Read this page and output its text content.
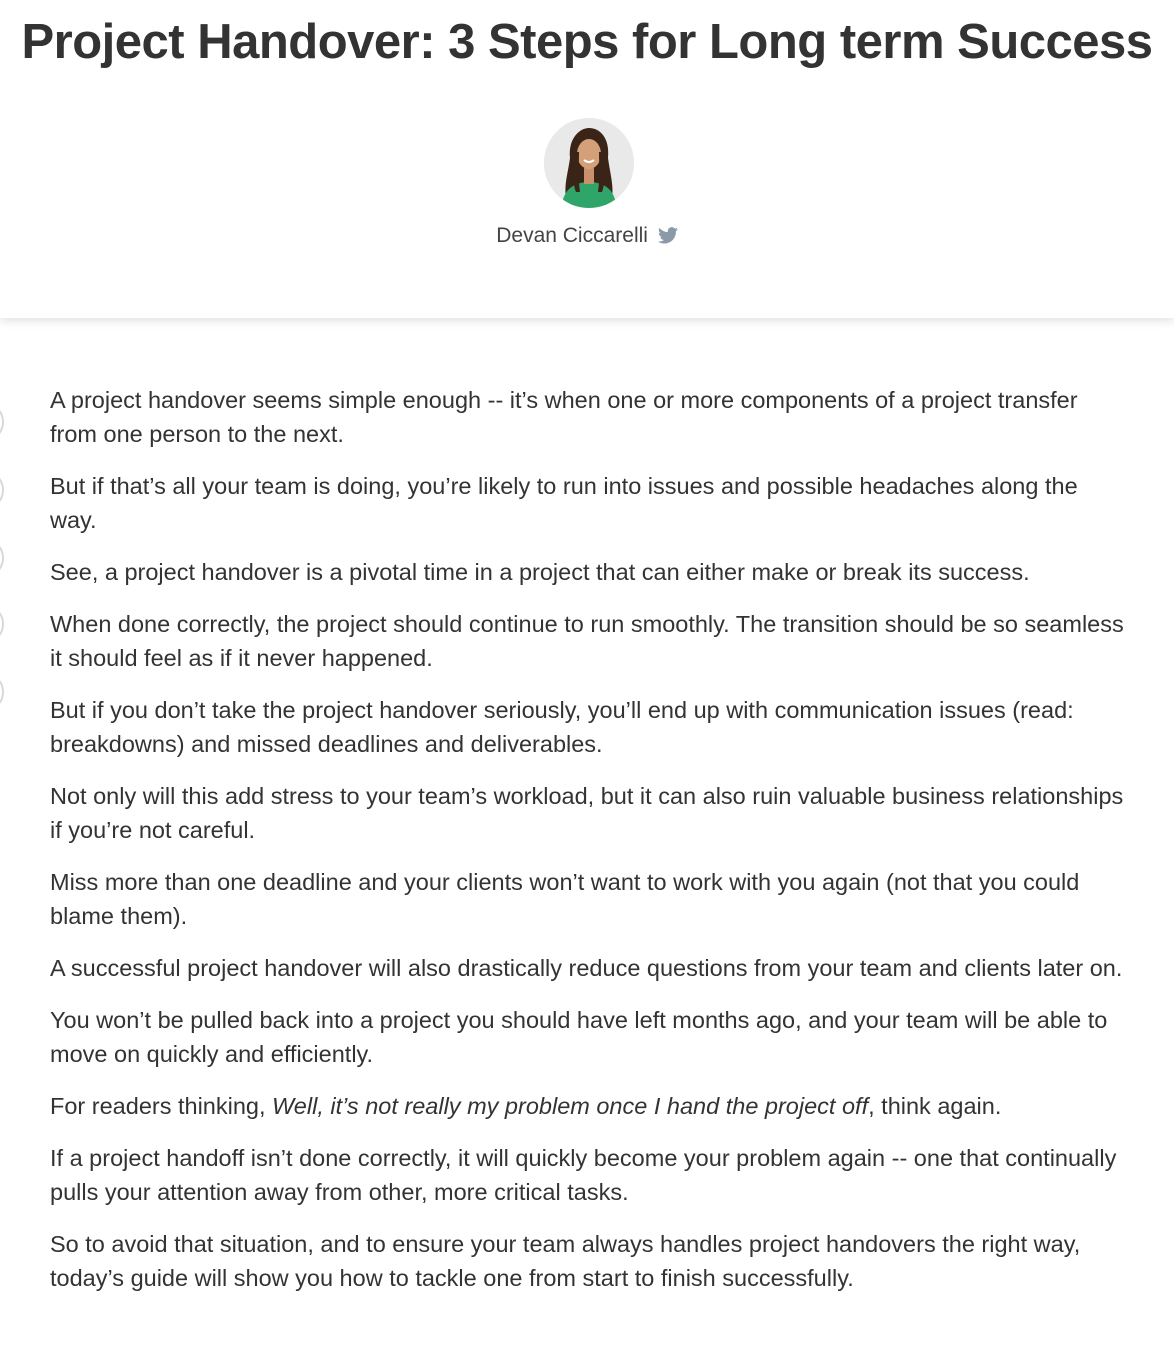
Project Handover: 3 Steps for Long term Success
Devan Ciccarelli

A project handover seems simple enough -- it’s when one or more components of a project transfer from one person to the next.

But if that’s all your team is doing, you’re likely to run into issues and possible headaches along the way.

See, a project handover is a pivotal time in a project that can either make or break its success.

When done correctly, the project should continue to run smoothly. The transition should be so seamless it should feel as if it never happened.

But if you don’t take the project handover seriously, you’ll end up with communication issues (read: breakdowns) and missed deadlines and deliverables.

Not only will this add stress to your team’s workload, but it can also ruin valuable business relationships if you’re not careful.

Miss more than one deadline and your clients won’t want to work with you again (not that you could blame them).

A successful project handover will also drastically reduce questions from your team and clients later on.

You won’t be pulled back into a project you should have left months ago, and your team will be able to move on quickly and efficiently.

For readers thinking, Well, it’s not really my problem once I hand the project off, think again.

If a project handoff isn’t done correctly, it will quickly become your problem again -- one that continually pulls your attention away from other, more critical tasks.

So to avoid that situation, and to ensure your team always handles project handovers the right way, today’s guide will show you how to tackle one from start to finish successfully.
